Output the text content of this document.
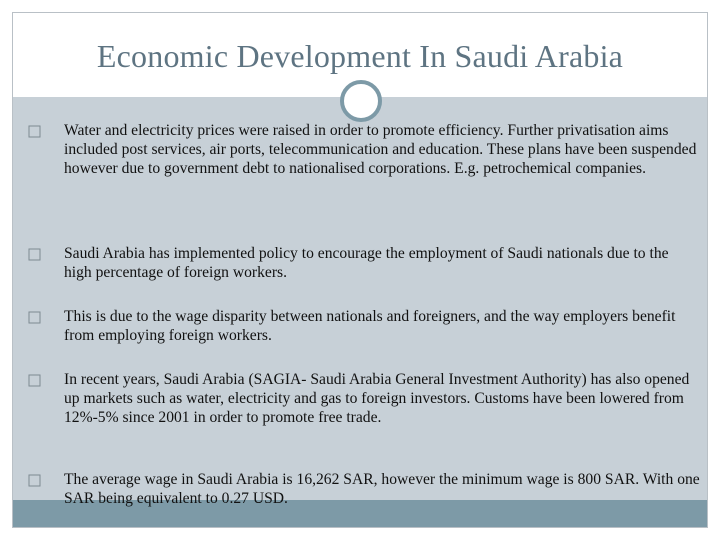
Economic Development In Saudi Arabia
Water and electricity prices were raised in order to promote efficiency. Further privatisation aims included post services, air ports, telecommunication and education. These plans have been suspended however due to government debt to nationalised corporations. E.g. petrochemical companies.
Saudi Arabia has implemented policy to encourage the employment of Saudi nationals due to the high percentage of foreign workers.
This is due to the wage disparity between nationals and foreigners, and the way employers benefit from employing foreign workers.
In recent years, Saudi Arabia (SAGIA- Saudi Arabia General Investment Authority) has also opened up markets such as water, electricity and gas to foreign investors. Customs have been lowered from 12%-5% since 2001 in order to promote free trade.
The average wage in Saudi Arabia is 16,262 SAR, however the minimum wage is 800 SAR. With one SAR being equivalent to 0.27 USD.
